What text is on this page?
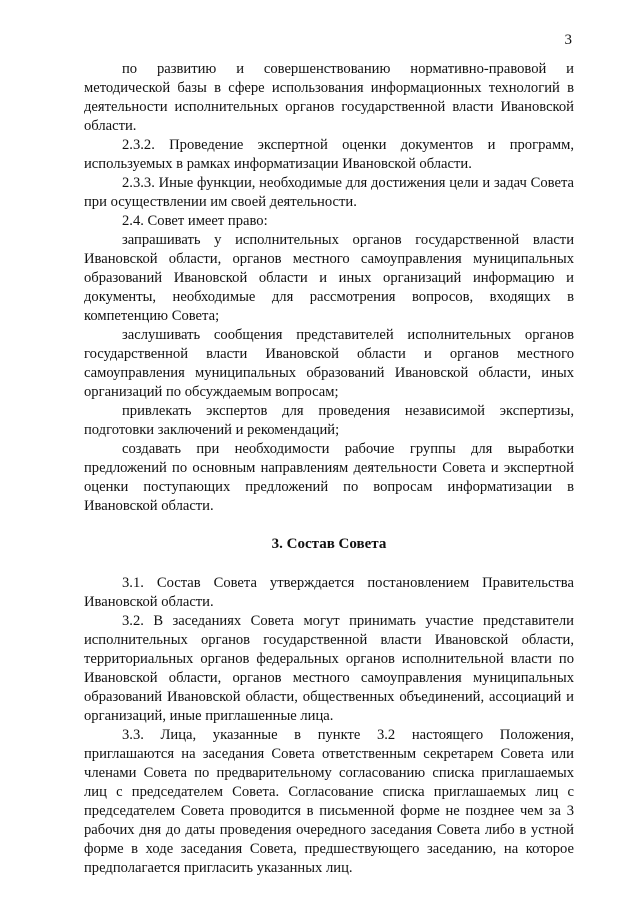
3

по развитию и совершенствованию нормативно-правовой и методической базы в сфере использования информационных технологий в деятельности исполнительных органов государственной власти Ивановской области.

2.3.2. Проведение экспертной оценки документов и программ, используемых в рамках информатизации Ивановской области.

2.3.3. Иные функции, необходимые для достижения цели и задач Совета при осуществлении им своей деятельности.

2.4. Совет имеет право:

запрашивать у исполнительных органов государственной власти Ивановской области, органов местного самоуправления муниципальных образований Ивановской области и иных организаций информацию и документы, необходимые для рассмотрения вопросов, входящих в компетенцию Совета;

заслушивать сообщения представителей исполнительных органов государственной власти Ивановской области и органов местного самоуправления муниципальных образований Ивановской области, иных организаций по обсуждаемым вопросам;

привлекать экспертов для проведения независимой экспертизы, подготовки заключений и рекомендаций;

создавать при необходимости рабочие группы для выработки предложений по основным направлениям деятельности Совета и экспертной оценки поступающих предложений по вопросам информатизации в Ивановской области.

3. Состав Совета

3.1. Состав Совета утверждается постановлением Правительства Ивановской области.

3.2. В заседаниях Совета могут принимать участие представители исполнительных органов государственной власти Ивановской области, территориальных органов федеральных органов исполнительной власти по Ивановской области, органов местного самоуправления муниципальных образований Ивановской области, общественных объединений, ассоциаций и организаций, иные приглашенные лица.

3.3. Лица, указанные в пункте 3.2 настоящего Положения, приглашаются на заседания Совета ответственным секретарем Совета или членами Совета по предварительному согласованию списка приглашаемых лиц с председателем Совета. Согласование списка приглашаемых лиц с председателем Совета проводится в письменной форме не позднее чем за 3 рабочих дня до даты проведения очередного заседания Совета либо в устной форме в ходе заседания Совета, предшествующего заседанию, на которое предполагается пригласить указанных лиц.
